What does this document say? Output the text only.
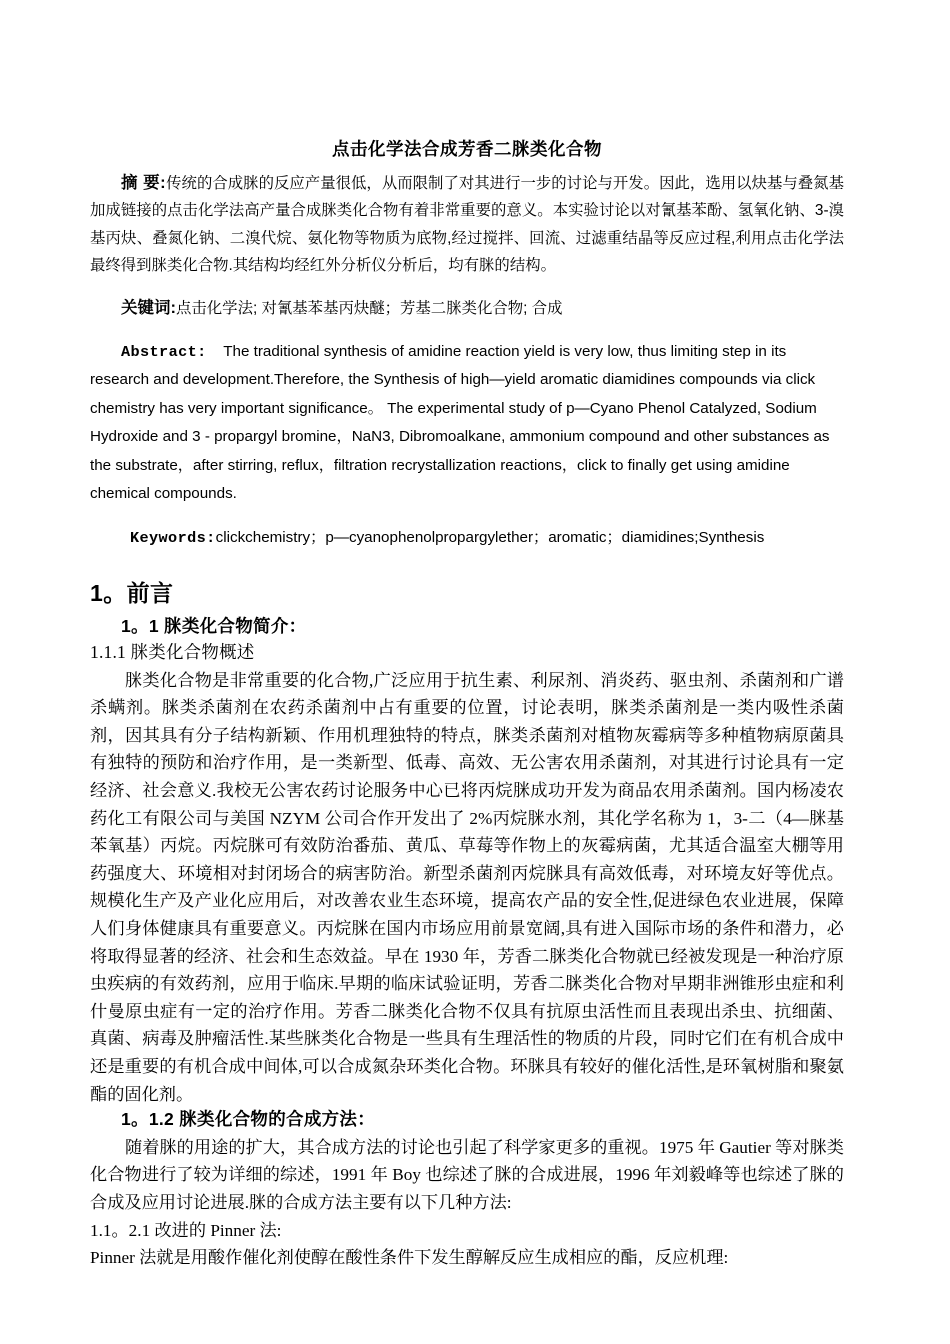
点击化学法合成芳香二脒类化合物

摘 要:传统的合成脒的反应产量很低，从而限制了对其进行一步的讨论与开发。因此，选用以炔基与叠氮基加成链接的点击化学法高产量合成脒类化合物有着非常重要的意义。本实验讨论以对氰基苯酚、氢氧化钠、3-溴基丙炔、叠氮化钠、二溴代烷、氨化物等物质为底物,经过搅拌、回流、过滤重结晶等反应过程,利用点击化学法最终得到脒类化合物.其结构均经红外分析仪分析后，均有脒的结构。

关键词:点击化学法; 对氰基苯基丙炔醚；芳基二脒类化合物; 合成

Abstract:    The traditional synthesis of amidine reaction yield is very low, thus limiting step in its research and development.Therefore, the Synthesis of high—yield aromatic diamidines compounds via click chemistry has very important significance。 The experimental study of p—Cyano Phenol Catalyzed, Sodium Hydroxide and 3 - propargyl bromine，NaN3, Dibromoalkane, ammonium compound and other substances as the substrate，after stirring, reflux，filtration recrystallization reactions，click to finally get using amidine chemical compounds.

Keywords:clickchemistry；p—cyanophenolpropargylether；aromatic；diamidines;Synthesis

1。前言
1。1 脒类化合物简介：
1.1.1 脒类化合物概述

脒类化合物是非常重要的化合物,广泛应用于抗生素、利尿剂、消炎药、驱虫剂、杀菌剂和广谱杀螨剂。脒类杀菌剂在农药杀菌剂中占有重要的位置，讨论表明，脒类杀菌剂是一类内吸性杀菌剂，因其具有分子结构新颖、作用机理独特的特点，脒类杀菌剂对植物灰霉病等多种植物病原菌具有独特的预防和治疗作用，是一类新型、低毒、高效、无公害农用杀菌剂，对其进行讨论具有一定经济、社会意义.我校无公害农药讨论服务中心已将丙烷脒成功开发为商品农用杀菌剂。国内杨凌农药化工有限公司与美国 NZYM 公司合作开发出了 2%丙烷脒水剂，其化学名称为 1，3-二（4—脒基苯氧基）丙烷。丙烷脒可有效防治番茄、黄瓜、草莓等作物上的灰霉病菌，尤其适合温室大棚等用药强度大、环境相对封闭场合的病害防治。新型杀菌剂丙烷脒具有高效低毒，对环境友好等优点。规模化生产及产业化应用后，对改善农业生态环境，提高农产品的安全性,促进绿色农业进展，保障人们身体健康具有重要意义。丙烷脒在国内市场应用前景宽阔,具有进入国际市场的条件和潜力，必将取得显著的经济、社会和生态效益。早在 1930 年，芳香二脒类化合物就已经被发现是一种治疗原虫疾病的有效药剂，应用于临床.早期的临床试验证明，芳香二脒类化合物对早期非洲锥形虫症和利什曼原虫症有一定的治疗作用。芳香二脒类化合物不仅具有抗原虫活性而且表现出杀虫、抗细菌、真菌、病毒及肿瘤活性.某些脒类化合物是一些具有生理活性的物质的片段，同时它们在有机合成中还是重要的有机合成中间体,可以合成氮杂环类化合物。环脒具有较好的催化活性,是环氧树脂和聚氨酯的固化剂。

1。1.2 脒类化合物的合成方法：

随着脒的用途的扩大，其合成方法的讨论也引起了科学家更多的重视。1975 年 Gautier 等对脒类化合物进行了较为详细的综述，1991 年 Boy 也综述了脒的合成进展，1996 年刘毅峰等也综述了脒的合成及应用讨论进展.脒的合成方法主要有以下几种方法:

1.1。2.1 改进的 Pinner 法:

Pinner 法就是用酸作催化剂使醇在酸性条件下发生醇解反应生成相应的酯，反应机理:
